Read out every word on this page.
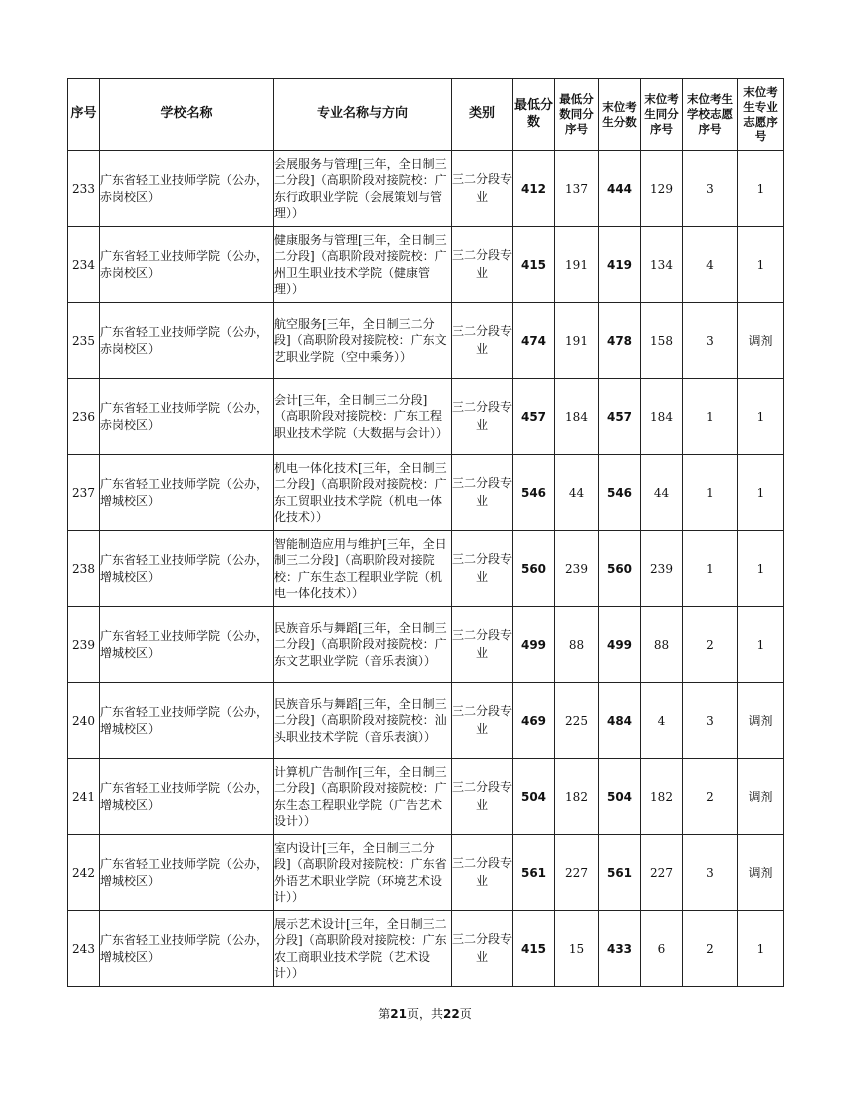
序号	学校名称	专业名称与方向	类别	最低分数	最低分数同分序号	末位考生分数	末位考生同分序号	末位考生学校志愿序号	末位考生专业志愿序号
233	广东省轻工业技师学院（公办，赤岗校区）	会展服务与管理[三年，全日制三二分段]（高职阶段对接院校：广东行政职业学院（会展策划与管理））	三二分段专业	412	137	444	129	3	1
234	广东省轻工业技师学院（公办，赤岗校区）	健康服务与管理[三年，全日制三二分段]（高职阶段对接院校：广州卫生职业技术学院（健康管理））	三二分段专业	415	191	419	134	4	1
235	广东省轻工业技师学院（公办，赤岗校区）	航空服务[三年，全日制三二分段]（高职阶段对接院校：广东文艺职业学院（空中乘务））	三二分段专业	474	191	478	158	3	调剂
236	广东省轻工业技师学院（公办，赤岗校区）	会计[三年，全日制三二分段]（高职阶段对接院校：广东工程职业技术学院（大数据与会计））	三二分段专业	457	184	457	184	1	1
237	广东省轻工业技师学院（公办，增城校区）	机电一体化技术[三年，全日制三二分段]（高职阶段对接院校：广东工贸职业技术学院（机电一体化技术））	三二分段专业	546	44	546	44	1	1
238	广东省轻工业技师学院（公办，增城校区）	智能制造应用与维护[三年，全日制三二分段]（高职阶段对接院校：广东生态工程职业学院（机电一体化技术））	三二分段专业	560	239	560	239	1	1
239	广东省轻工业技师学院（公办，增城校区）	民族音乐与舞蹈[三年，全日制三二分段]（高职阶段对接院校：广东文艺职业学院（音乐表演））	三二分段专业	499	88	499	88	2	1
240	广东省轻工业技师学院（公办，增城校区）	民族音乐与舞蹈[三年，全日制三二分段]（高职阶段对接院校：汕头职业技术学院（音乐表演））	三二分段专业	469	225	484	4	3	调剂
241	广东省轻工业技师学院（公办，增城校区）	计算机广告制作[三年，全日制三二分段]（高职阶段对接院校：广东生态工程职业学院（广告艺术设计））	三二分段专业	504	182	504	182	2	调剂
242	广东省轻工业技师学院（公办，增城校区）	室内设计[三年，全日制三二分段]（高职阶段对接院校：广东省外语艺术职业学院（环境艺术设计））	三二分段专业	561	227	561	227	3	调剂
243	广东省轻工业技师学院（公办，增城校区）	展示艺术设计[三年，全日制三二分段]（高职阶段对接院校：广东农工商职业技术学院（艺术设计））	三二分段专业	415	15	433	6	2	1
第21页，共22页
